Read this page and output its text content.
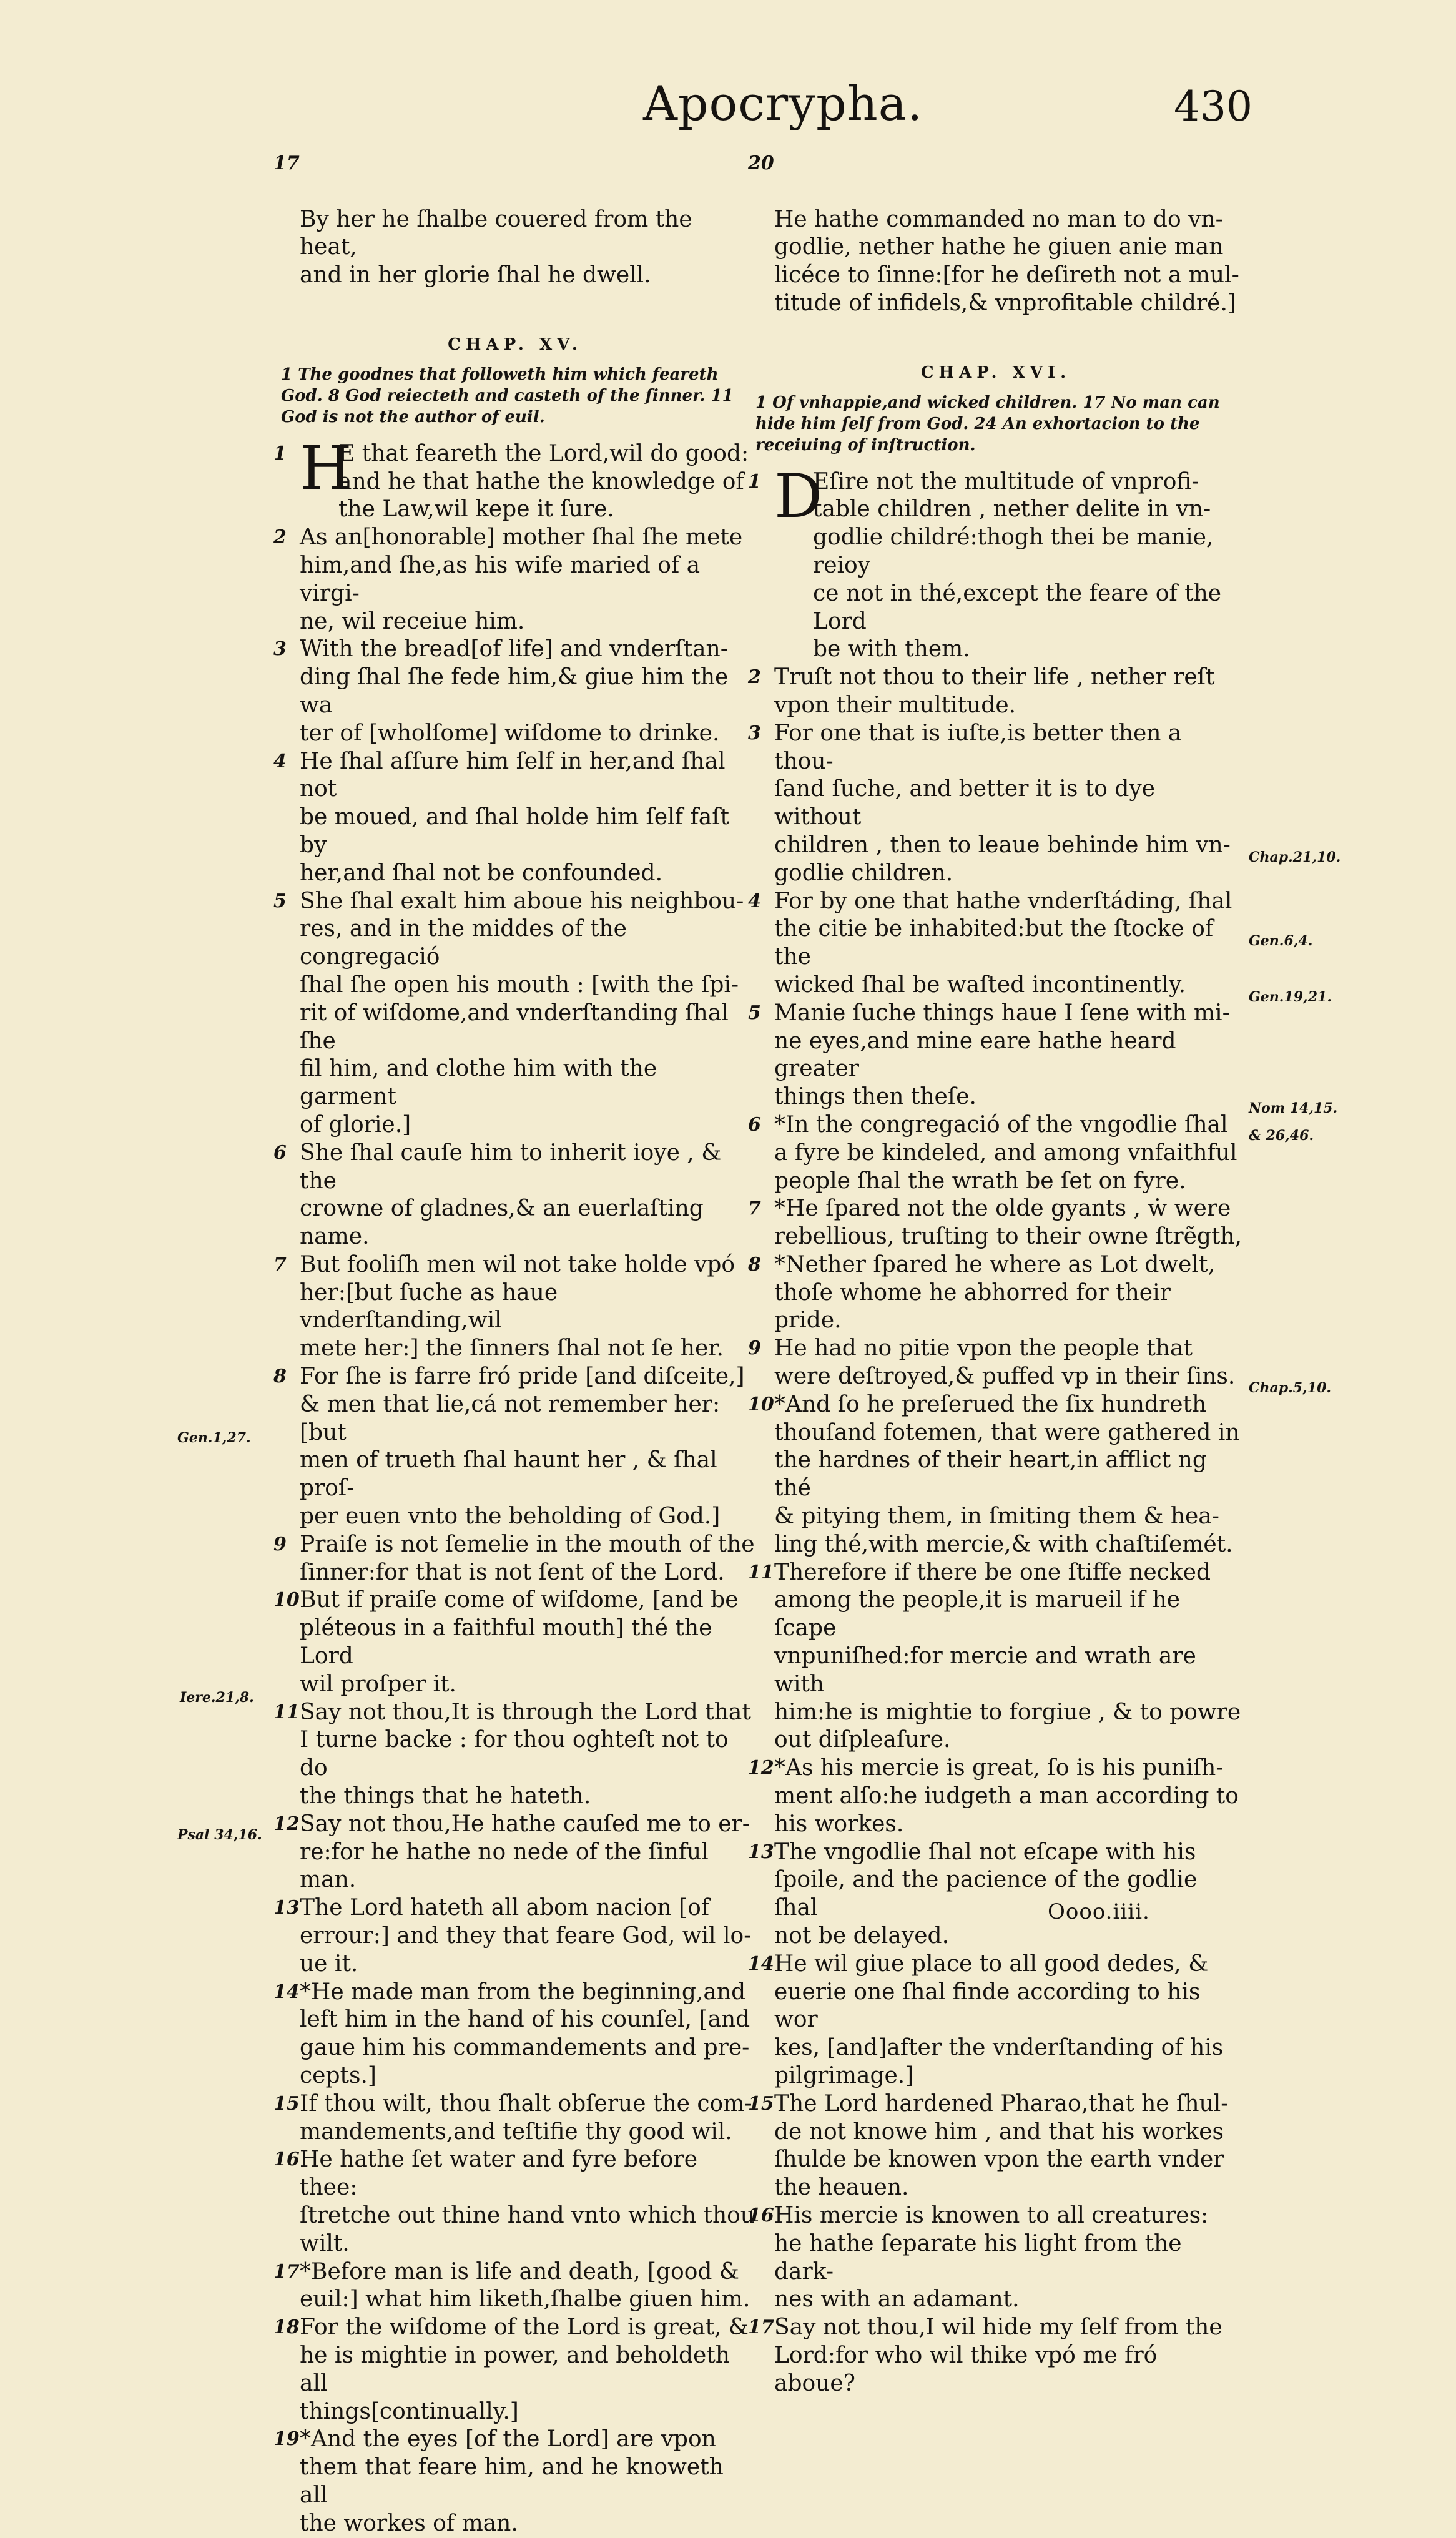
Apocrypha.	430

17

By her he ſhalbe couered from the heat,
and in her glorie ſhal he dwell.

CHAP. XV.
1 The goodnes that followeth him which feareth God. 8 God reiecteth and casteth of the ſinner. 11 God is not the author of euil.
1 H
E that feareth the Lord,wil do good:
and he that hathe the knowledge of
the Law,wil kepe it ſure.
2 As an[honorable] mother ſhal ſhe mete
him,and ſhe,as his wife maried of a virgi-
ne, wil receiue him.
3 With the bread[of life] and vnderſtan-
ding ſhal ſhe fede him,& giue him the wa
ter of [wholſome] wiſdome to drinke.
4 He ſhal aſſure him ſelf in her,and ſhal not
be moued, and ſhal holde him ſelf faſt by
her,and ſhal not be confounded.
5 She ſhal exalt him aboue his neighbou-
res, and in the middes of the congregació
ſhal ſhe open his mouth : [with the ſpi-
rit of wiſdome,and vnderſtanding ſhal ſhe
fil him, and clothe him with the garment
of glorie.]
6 She ſhal cauſe him to inherit ioye , & the
crowne of gladnes,& an euerlaſting name.
7 But fooliſh men wil not take holde vpó
her:[but ſuche as haue vnderſtanding,wil
mete her:] the ſinners ſhal not ſe her.
8 For ſhe is farre fró pride [and diſceite,]
& men that lie,cá not remember her:[but
men of trueth ſhal haunt her , & ſhal proſ-
per euen vnto the beholding of God.]
9 Praiſe is not ſemelie in the mouth of the
ſinner:for that is not ſent of the Lord.
10 But if praiſe come of wiſdome, [and be
pléteous in a faithful mouth] thé the Lord
wil proſper it.
11 Say not thou,It is through the Lord that
I turne backe : for thou oghteſt not to do
the things that he hateth.
12 Say not thou,He hathe cauſed me to er-
re:for he hathe no nede of the ſinful man.
13 The Lord hateth all abom nacion [of
errour:] and they that feare God, wil lo-
ue it.
14 *He made man from the beginning,and
left him in the hand of his counſel, [and
gaue him his commandements and pre-
cepts.]
15 If thou wilt, thou ſhalt obſerue the com-
mandements,and teſtifie thy good wil.
16 He hathe ſet water and fyre before thee:
ſtretche out thine hand vnto which thou
wilt.
17 *Before man is life and death, [good &
euil:] what him liketh,ſhalbe giuen him.
18 For the wiſdome of the Lord is great, &
he is mightie in power, and beholdeth all
things[continually.]
19 *And the eyes [of the Lord] are vpon
them that feare him, and he knoweth all
the workes of man.

20

He hathe commanded no man to do vn-
godlie, nether hathe he giuen anie man
licéce to ſinne:[for he deſireth not a mul-
titude of infidels,& vnprofitable childré.]

CHAP. XVI.
1 Of vnhappie,and wicked children. 17 No man can hide him ſelf from God. 24 An exhortacion to the receiuing of inſtruction.
1 D
Eſire not the multitude of vnprofi-
table children , nether delite in vn-
godlie childré:thogh thei be manie, reioy
ce not in thé,except the feare of the Lord
be with them.
2 Truſt not thou to their life , nether reſt
vpon their multitude.
3 For one that is iuſte,is better then a thou-
ſand ſuche, and better it is to dye without
children , then to leaue behinde him vn-
godlie children.
4 For by one that hathe vnderſtáding, ſhal
the citie be inhabited:but the ſtocke of the
wicked ſhal be waſted incontinently.
5 Manie ſuche things haue I ſene with mi-
ne eyes,and mine eare hathe heard greater
things then theſe.
6 *In the congregació of the vngodlie ſhal
a fyre be kindeled, and among vnfaithful
people ſhal the wrath be ſet on fyre.
7 *He ſpared not the olde gyants , ẇ were
rebellious, truſting to their owne ſtrẽgth,
8 *Nether ſpared he where as Lot dwelt,
thoſe whome he abhorred for their pride.
9 He had no pitie vpon the people that
were deſtroyed,& puffed vp in their ſins.
10 *And ſo he preſerued the ſix hundreth
thouſand fotemen, that were gathered in
the hardnes of their heart,in afflict ng thé
& pitying them, in ſmiting them & hea-
ling thé,with mercie,& with chaſtiſemét.
11 Therefore if there be one ſtiffe necked
among the people,it is marueil if he ſcape
vnpuniſhed:for mercie and wrath are with
him:he is mightie to forgiue , & to powre
out diſpleaſure.
12 *As his mercie is great, ſo is his puniſh-
ment alſo:he iudgeth a man according to
his workes.
13 The vngodlie ſhal not eſcape with his
ſpoile, and the pacience of the godlie ſhal
not be delayed.
14 He wil giue place to all good dedes, &
euerie one ſhal finde according to his wor
kes, [and]after the vnderſtanding of his
pilgrimage.]
15 The Lord hardened Pharao,that he ſhul-
de not knowe him , and that his workes
ſhulde be knowen vpon the earth vnder
the heauen.
16 His mercie is knowen to all creatures:
he hathe ſeparate his light from the dark-
nes with an adamant.
17 Say not thou,I wil hide my ſelf from the
Lord:for who wil thike vpó me fró aboue?
Gen.1,27.
Iere.21,8.
Psal 34,16.
Chap.21,10.
Gen.6,4.
Gen.19,21.
Nom 14,15.
& 26,46.
Chap.5,10.
Oooo.iiii.
